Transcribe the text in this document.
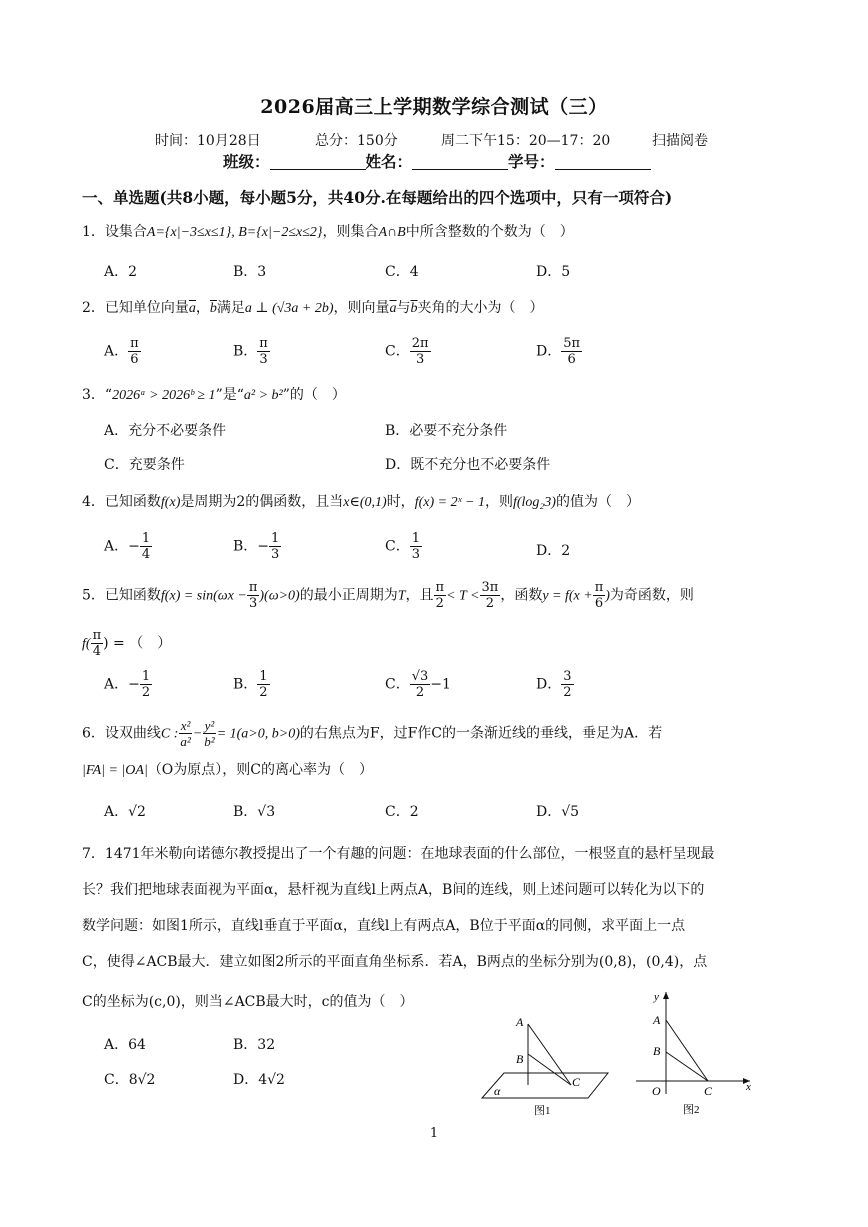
2026届高三上学期数学综合测试（三）
时间：10月28日	总分：150分	周二下午15：20—17：20	扫描阅卷
班级：	姓名：	学号：
一、单选题(共8小题，每小题5分，共40分.在每题给出的四个选项中，只有一项符合)
1．设集合A={x|−3≤x≤1}, B={x|−2≤x≤2}，则集合A∩B中所含整数的个数为（　）
A．2	B．3	C．4	D．5
2．已知单位向量$\overline{a}$，$\overline{b}$满足a ⊥ (√3a + 2b)，则向量$\overline{a}$与$\overline{b}$夹角的大小为（　）
A． $\frac{\pi}{6}$	B． $\frac{\pi}{3}$	C． $\frac{2\pi}{3}$	D． $\frac{5\pi}{6}$
3．“2026ᵃ > 2026ᵇ ≥ 1”是“a² > b²”的（　）
A．充分不必要条件	B．必要不充分条件
C．充要条件	D．既不充分也不必要条件
4．已知函数f(x)是周期为2的偶函数，且当x∈(0,1)时，f(x) = 2ˣ − 1，则f(log₂3)的值为（　）
A．− $\frac{1}{4}$	B．− $\frac{1}{3}$	C． $\frac{1}{3}$	D．2
5．已知函数$f(x) = \sin(\omega x - \frac{\pi}{3} )(\omega>0)$的最小正周期为T，且 $\frac{\pi}{2} < T < \frac{3\pi}{2}$ ，函数$y = f(x + \frac{\pi}{6}$ )为奇函数，则
$f( \frac{\pi}{4}$ ) = （　）
A．− $\frac{1}{2}$	B． $\frac{1}{2}$	C． $\frac{√3}{2} -1$	D． $\frac{3}{2}$
6．设双曲线C : $\frac{\text{x²}}{\text{a²}} - \frac{\text{y²}}{\text{b²}} = 1(a>0$, b>0)的右焦点为F，过F作C的一条渐近线的垂线，垂足为A．若
|FA| = |OA|（O为原点），则C的离心率为（　）
A．√2	B．√3	C．2	D．√5
7．1471年米勒向诺德尔教授提出了一个有趣的问题：在地球表面的什么部位，一根竖直的悬杆呈现最
长？我们把地球表面视为平面α，悬杆视为直线l上两点A，B间的连线，则上述问题可以转化为以下的
数学问题：如图1所示，直线l垂直于平面α，直线l上有两点A，B位于平面α的同侧，求平面上一点
C，使得∠ACB最大．建立如图2所示的平面直角坐标系．若A，B两点的坐标分别为(0,8)，(0,4)，点
C的坐标为(c,0)，则当∠ACB最大时，c的值为（　）
A．64	B．32
C．8√2	D．4√2
A
B
C
α
图1
y
A
B
O	C	x
图2
1
